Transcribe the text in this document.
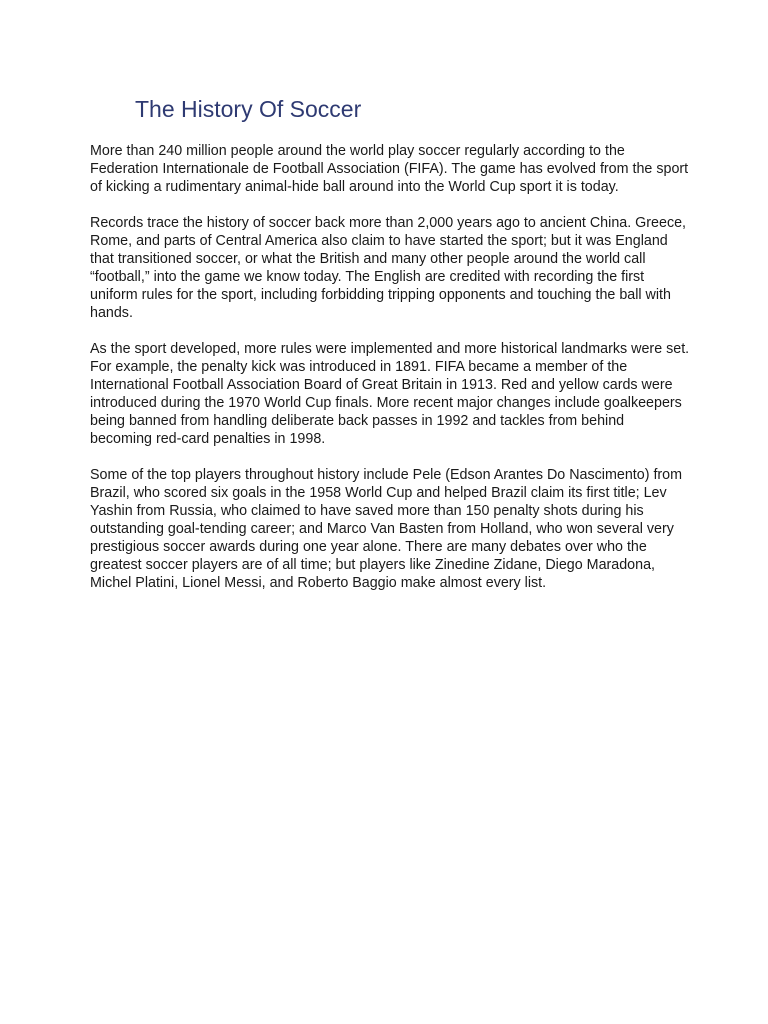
The History Of Soccer

More than 240 million people around the world play soccer regularly according to the Federation Internationale de Football Association (FIFA). The game has evolved from the sport of kicking a rudimentary animal-hide ball around into the World Cup sport it is today.

Records trace the history of soccer back more than 2,000 years ago to ancient China. Greece, Rome, and parts of Central America also claim to have started the sport; but it was England that transitioned soccer, or what the British and many other people around the world call “football,” into the game we know today. The English are credited with recording the first uniform rules for the sport, including forbidding tripping opponents and touching the ball with hands.

As the sport developed, more rules were implemented and more historical landmarks were set. For example, the penalty kick was introduced in 1891. FIFA became a member of the International Football Association Board of Great Britain in 1913. Red and yellow cards were introduced during the 1970 World Cup finals. More recent major changes include goalkeepers being banned from handling deliberate back passes in 1992 and tackles from behind becoming red-card penalties in 1998.

Some of the top players throughout history include Pele (Edson Arantes Do Nascimento) from Brazil, who scored six goals in the 1958 World Cup and helped Brazil claim its first title; Lev Yashin from Russia, who claimed to have saved more than 150 penalty shots during his outstanding goal-tending career; and Marco Van Basten from Holland, who won several very prestigious soccer awards during one year alone. There are many debates over who the greatest soccer players are of all time; but players like Zinedine Zidane, Diego Maradona, Michel Platini, Lionel Messi, and Roberto Baggio make almost every list.
